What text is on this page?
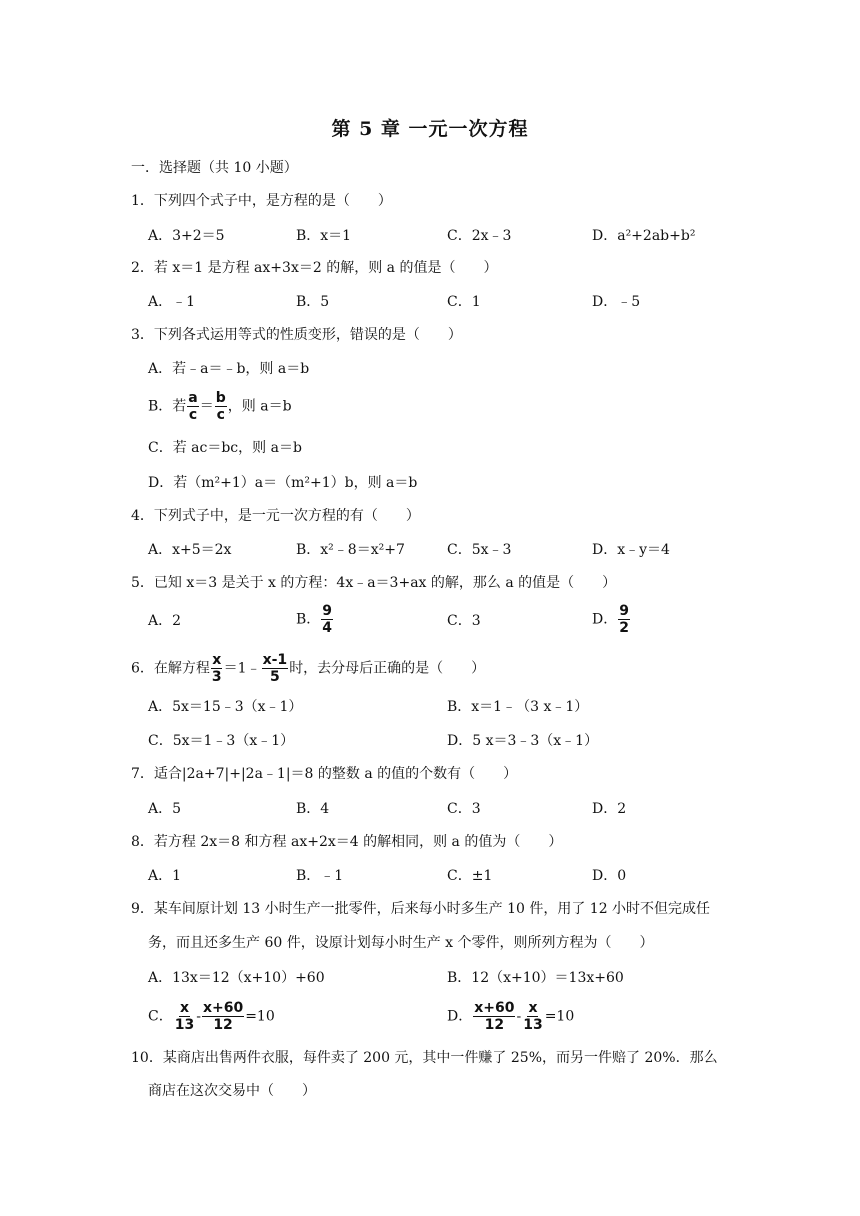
第 5 章 一元一次方程
一．选择题（共 10 小题）
1．下列四个式子中，是方程的是（　　）
A．3+2＝5	B．x＝1	C．2x﹣3	D．a²+2ab+b²
2．若 x＝1 是方程 ax+3x＝2 的解，则 a 的值是（　　）
A．﹣1	B．5	C．1	D．﹣5
3．下列各式运用等式的性质变形，错误的是（　　）
A．若﹣a＝﹣b，则 a＝b
B．若 $\frac{a}{c} = \frac{b}{c}$ ，则 a＝b
C．若 ac＝bc，则 a＝b
D．若（m²+1）a＝（m²+1）b，则 a＝b
4．下列式子中，是一元一次方程的有（　　）
A．x+5＝2x	B．x²﹣8＝x²+7	C．5x﹣3	D．x﹣y＝4
5．已知 x＝3 是关于 x 的方程：4x﹣a＝3+ax 的解，那么 a 的值是（　　）
A．2	B． $\frac{9}{4}$	C．3	D． $\frac{9}{2}$
6．在解方程 $\frac{x}{3}$ ＝1﹣ $\frac{x-1}{5}$ 时，去分母后正确的是（　　）
A．5x＝15﹣3（x﹣1）	B．x＝1﹣（3 x﹣1）
C．5x＝1﹣3（x﹣1）	D．5 x＝3﹣3（x﹣1）
7．适合|2a+7|+|2a﹣1|＝8 的整数 a 的值的个数有（　　）
A．5	B．4	C．3	D．2
8．若方程 2x＝8 和方程 ax+2x＝4 的解相同，则 a 的值为（　　）
A．1	B．﹣1	C．±1	D．0
9．某车间原计划 13 小时生产一批零件，后来每小时多生产 10 件，用了 12 小时不但完成任
务，而且还多生产 60 件，设原计划每小时生产 x 个零件，则所列方程为（　　）
A．13x＝12（x+10）+60	B．12（x+10）＝13x+60
C． $\frac{x}{13} - \frac{x+60}{12} =10$	D． $\frac{x+60}{12} - \frac{x}{13} =10$
10．某商店出售两件衣服，每件卖了 200 元，其中一件赚了 25%，而另一件赔了 20%．那么
商店在这次交易中（　　）
